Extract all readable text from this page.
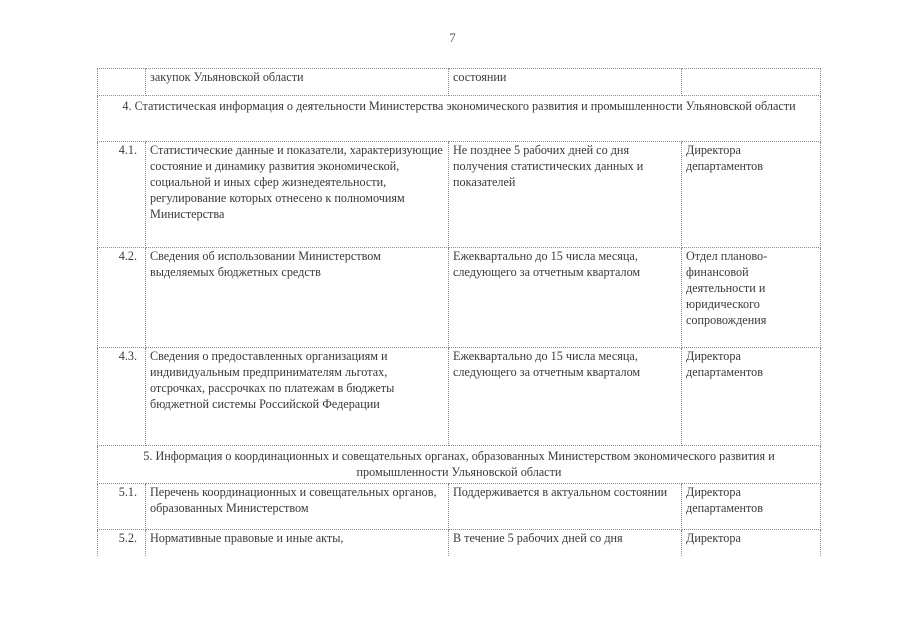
7

	закупок Ульяновской области	состоянии	

4. Статистическая информация о деятельности Министерства экономического развития и промышленности Ульяновской области			

4.1.	Статистические данные и показатели, характеризующие состояние и динамику развития экономической, социальной и иных сфер жизнедеятельности, регулирование которых отнесено к полномочиям Министерства	Не позднее 5 рабочих дней со дня получения статистических данных и показателей	Директора департаментов

4.2.	Сведения об использовании Министерством выделяемых бюджетных средств	Ежеквартально до 15 числа месяца, следующего за отчетным кварталом	Отдел планово-финансовой деятельности и юридического сопровождения

4.3.	Сведения о предоставленных организациям и индивидуальным предпринимателям льготах, отсрочках, рассрочках по платежам в бюджеты бюджетной системы Российской Федерации	Ежеквартально до 15 числа месяца, следующего за отчетным кварталом	Директора департаментов

5. Информация о координационных и совещательных органах, образованных Министерством экономического развития и промышленности Ульяновской области			

5.1.	Перечень координационных и совещательных органов, образованных Министерством	Поддерживается в актуальном состоянии	Директора департаментов

5.2.	Нормативные правовые и иные акты,	В течение 5 рабочих дней со дня	Директора
